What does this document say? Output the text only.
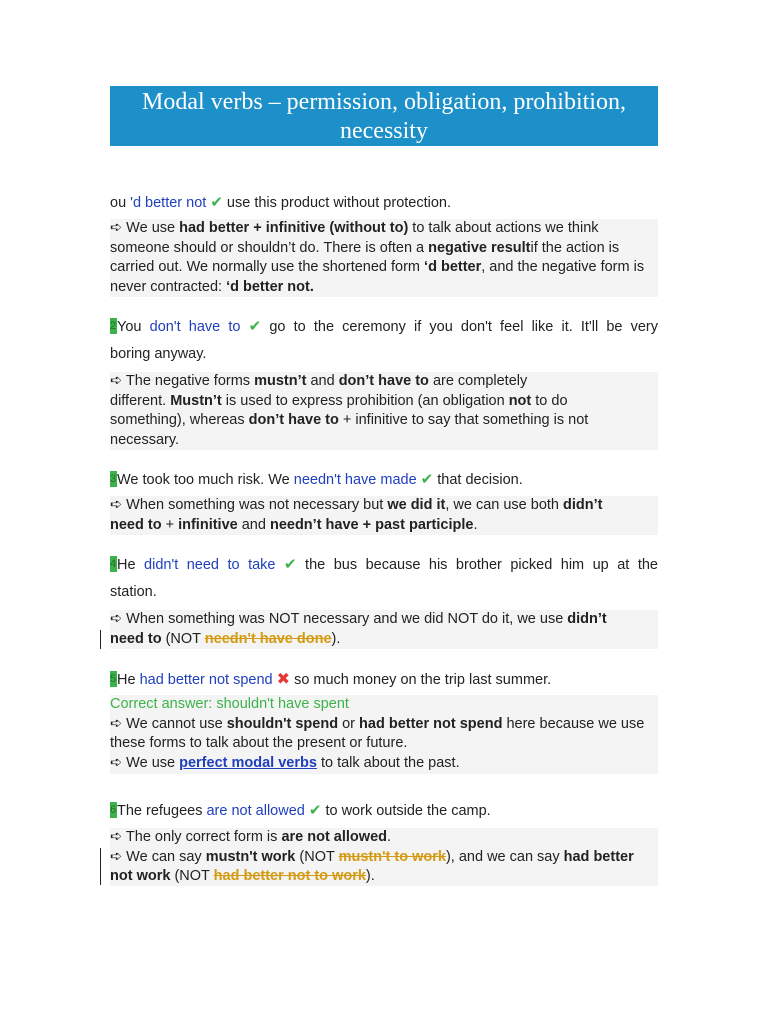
Modal verbs – permission, obligation, prohibition, necessity
ou 'd better not ✔ use this product without protection.
➪ We use had better + infinitive (without to) to talk about actions we think someone should or shouldn’t do. There is often a negative resultif the action is carried out. We normally use the shortened form ‘d better, and the negative form is never contracted: ‘d better not.
2You don't have to ✔ go to the ceremony if you don't feel like it. It'll be very
boring anyway.
➪ The negative forms mustn’t and don’t have to are completely
different. Mustn’t is used to express prohibition (an obligation not to do
something), whereas don’t have to + infinitive to say that something is not
necessary.
3We took too much risk. We needn't have made ✔ that decision.
➪ When something was not necessary but we did it, we can use both didn’t
need to + infinitive and needn’t have + past participle.
4He didn't need to take ✔ the bus because his brother picked him up at the
station.
➪ When something was NOT necessary and we did NOT do it, we use didn’t
need to (NOT needn't have done).
5He had better not spend ✖ so much money on the trip last summer.
Correct answer: shouldn't have spent
➪ We cannot use shouldn't spend or had better not spend here because we use
these forms to talk about the present or future.
➪ We use perfect modal verbs to talk about the past.
6The refugees are not allowed ✔ to work outside the camp.
➪ The only correct form is are not allowed.
➪ We can say mustn't work (NOT mustn't to work), and we can say had better
not work (NOT had better not to work).
